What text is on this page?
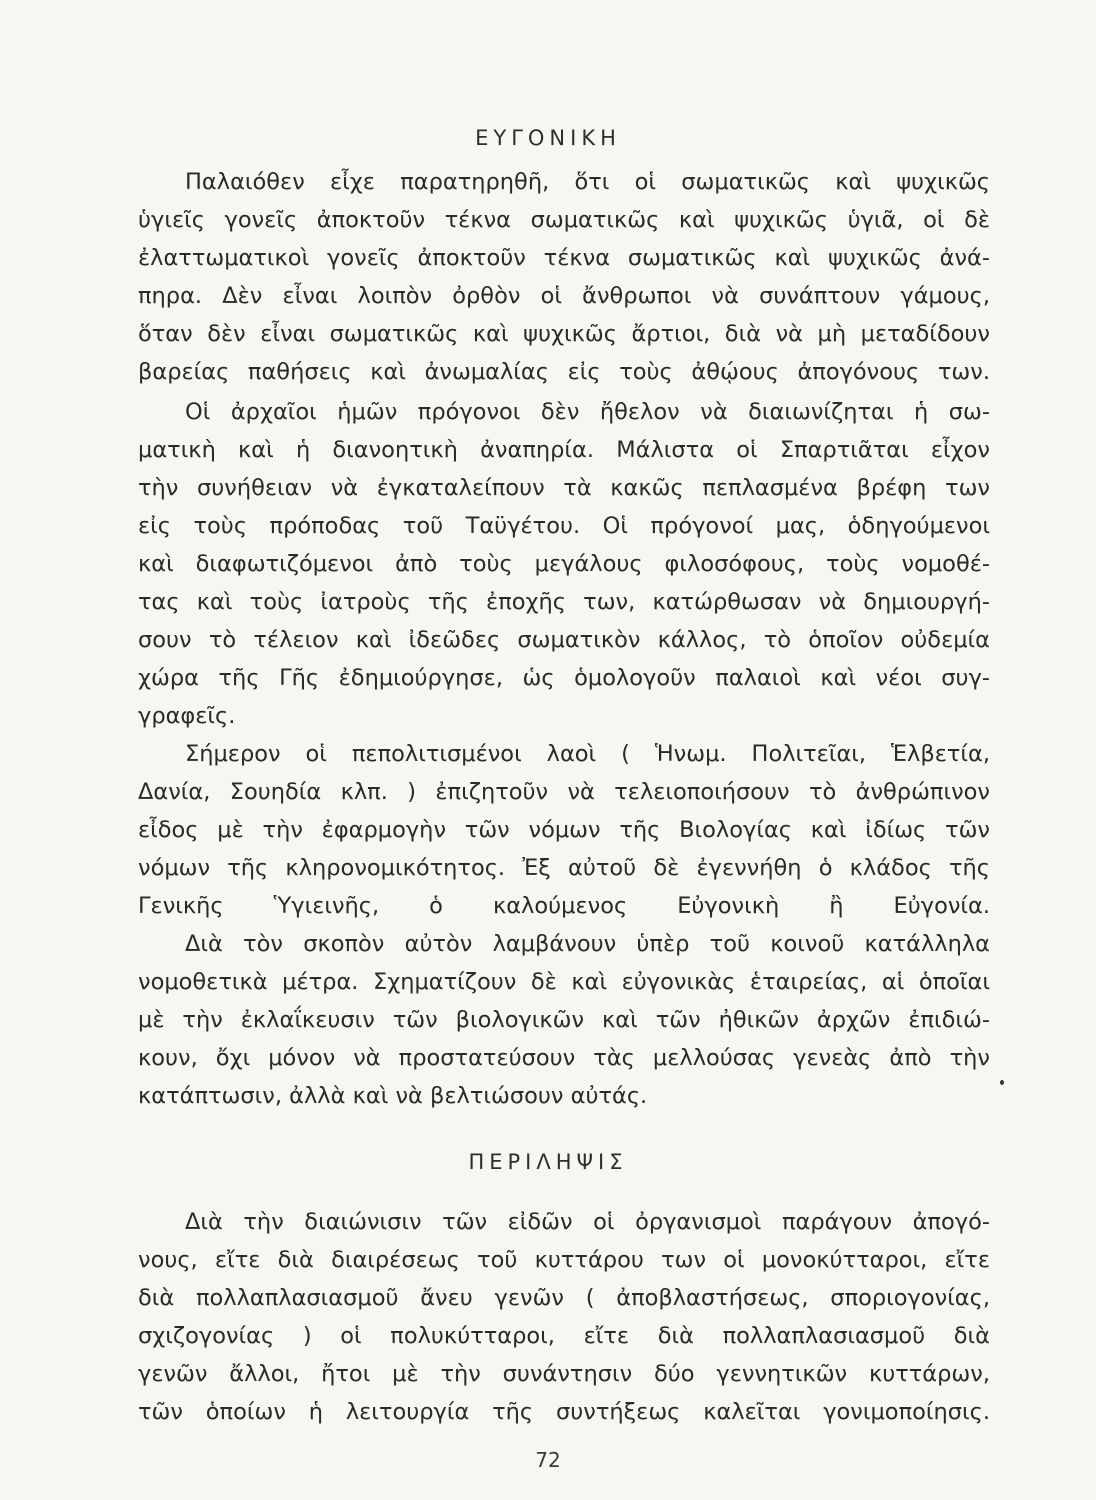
ΕΥΓΟΝΙΚΗ
Παλαιόθεν εἶχε παρατηρηθῆ, ὅτι οἱ σωματικῶς καὶ ψυχικῶς
ὑγιεῖς γονεῖς ἀποκτοῦν τέκνα σωματικῶς καὶ ψυχικῶς ὑγιᾶ, οἱ δὲ
ἐλαττωματικοὶ γονεῖς ἀποκτοῦν τέκνα σωματικῶς καὶ ψυχικῶς ἀνά-
πηρα. Δὲν εἶναι λοιπὸν ὀρθὸν οἱ ἄνθρωποι νὰ συνάπτουν γάμους,
ὅταν δὲν εἶναι σωματικῶς καὶ ψυχικῶς ἄρτιοι, διὰ νὰ μὴ μεταδίδουν
βαρείας παθήσεις καὶ ἀνωμαλίας εἰς τοὺς ἀθῴους ἀπογόνους των.
Οἱ ἀρχαῖοι ἡμῶν πρόγονοι δὲν ἤθελον νὰ διαιωνίζηται ἡ σω-
ματικὴ καὶ ἡ διανοητικὴ ἀναπηρία. Μάλιστα οἱ Σπαρτιᾶται εἶχον
τὴν συνήθειαν νὰ ἐγκαταλείπουν τὰ κακῶς πεπλασμένα βρέφη των
εἰς τοὺς πρόποδας τοῦ Ταϋγέτου. Οἱ πρόγονοί μας, ὁδηγούμενοι
καὶ διαφωτιζόμενοι ἀπὸ τοὺς μεγάλους φιλοσόφους, τοὺς νομοθέ-
τας καὶ τοὺς ἰατροὺς τῆς ἐποχῆς των, κατώρθωσαν νὰ δημιουργή-
σουν τὸ τέλειον καὶ ἰδεῶδες σωματικὸν κάλλος, τὸ ὁποῖον οὐδεμία
χώρα τῆς Γῆς ἐδημιούργησε, ὡς ὁμολογοῦν παλαιοὶ καὶ νέοι συγ-
γραφεῖς.
Σήμερον οἱ πεπολιτισμένοι λαοὶ ( Ἡνωμ. Πολιτεῖαι, Ἑλβετία,
Δανία, Σουηδία κλπ. ) ἐπιζητοῦν νὰ τελειοποιήσουν τὸ ἀνθρώπινον
εἶδος μὲ τὴν ἐφαρμογὴν τῶν νόμων τῆς Βιολογίας καὶ ἰδίως τῶν
νόμων τῆς κληρονομικότητος. Ἐξ αὐτοῦ δὲ ἐγεννήθη ὁ κλάδος τῆς
Γενικῆς Ὑγιεινῆς, ὁ καλούμενος Εὐγονικὴ ἢ Εὐγονία.
Διὰ τὸν σκοπὸν αὐτὸν λαμβάνουν ὑπὲρ τοῦ κοινοῦ κατάλληλα
νομοθετικὰ μέτρα. Σχηματίζουν δὲ καὶ εὐγονικὰς ἑταιρείας, αἱ ὁποῖαι
μὲ τὴν ἐκλαΐκευσιν τῶν βιολογικῶν καὶ τῶν ἠθικῶν ἀρχῶν ἐπιδιώ-
κουν, ὄχι μόνον νὰ προστατεύσουν τὰς μελλούσας γενεὰς ἀπὸ τὴν
κατάπτωσιν, ἀλλὰ καὶ νὰ βελτιώσουν αὐτάς.
ΠΕΡΙΛΗΨΙΣ
Διὰ τὴν διαιώνισιν τῶν εἰδῶν οἱ ὀργανισμοὶ παράγουν ἀπογό-
νους, εἴτε διὰ διαιρέσεως τοῦ κυττάρου των οἱ μονοκύτταροι, εἴτε
διὰ πολλαπλασιασμοῦ ἄνευ γενῶν ( ἀποβλαστήσεως, σποριογονίας,
σχιζογονίας ) οἱ πολυκύτταροι, εἴτε διὰ πολλαπλασιασμοῦ διὰ
γενῶν ἄλλοι, ἤτοι μὲ τὴν συνάντησιν δύο γεννητικῶν κυττάρων,
τῶν ὁποίων ἡ λειτουργία τῆς συντήξεως καλεῖται γονιμοποίησις.
72
